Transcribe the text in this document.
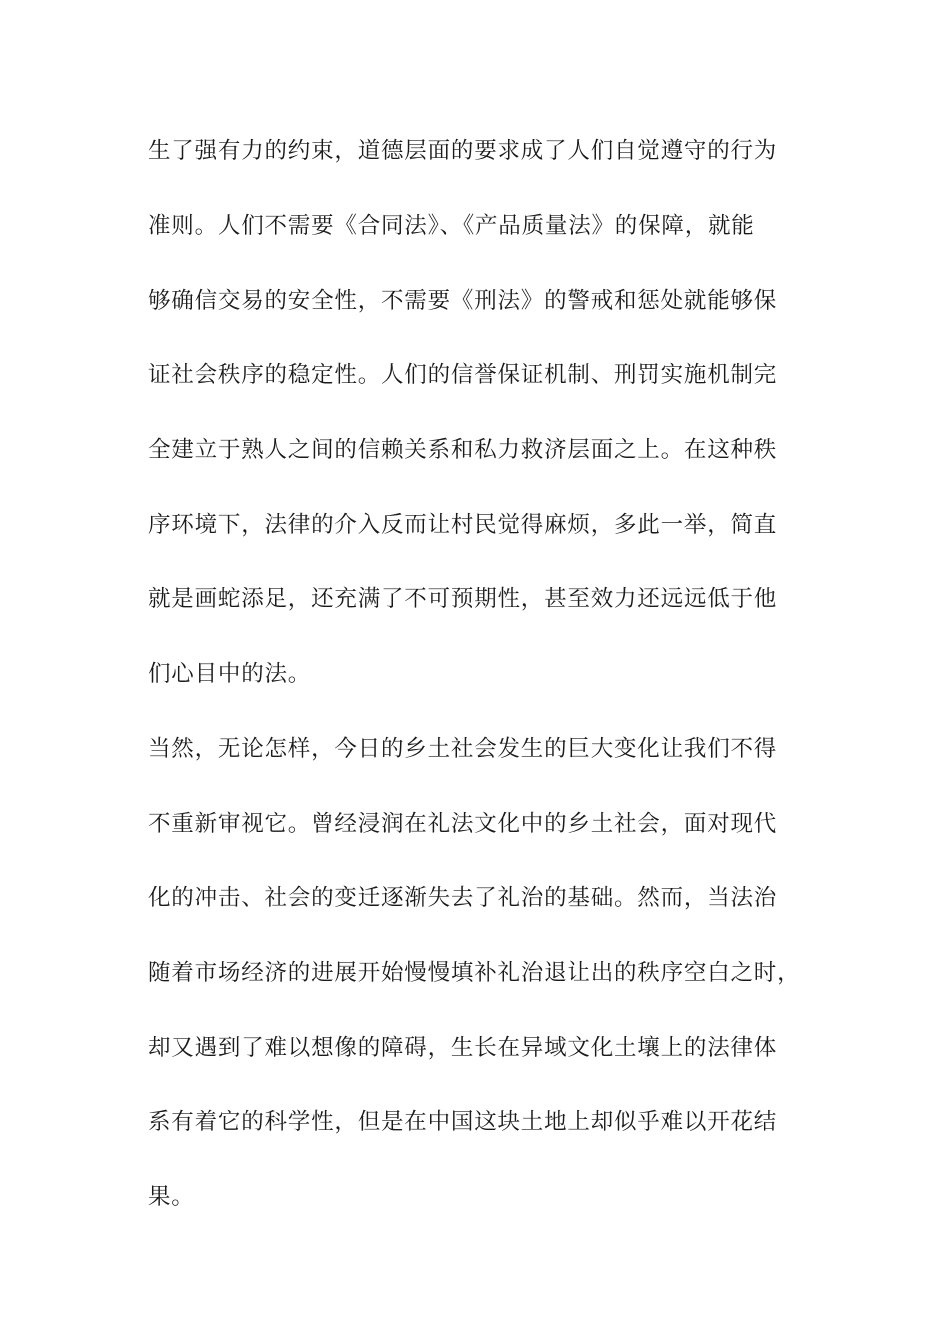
生了强有力的约束，道德层面的要求成了人们自觉遵守的行为
准则。人们不需要《合同法》、《产品质量法》的保障，就能
够确信交易的安全性，不需要《刑法》的警戒和惩处就能够保
证社会秩序的稳定性。人们的信誉保证机制、刑罚实施机制完
全建立于熟人之间的信赖关系和私力救济层面之上。在这种秩
序环境下，法律的介入反而让村民觉得麻烦，多此一举，简直
就是画蛇添足，还充满了不可预期性，甚至效力还远远低于他
们心目中的法。
当然，无论怎样，今日的乡土社会发生的巨大变化让我们不得
不重新审视它。曾经浸润在礼法文化中的乡土社会，面对现代
化的冲击、社会的变迁逐渐失去了礼治的基础。然而，当法治
随着市场经济的进展开始慢慢填补礼治退让出的秩序空白之时，
却又遇到了难以想像的障碍，生长在异域文化土壤上的法律体
系有着它的科学性，但是在中国这块土地上却似乎难以开花结
果。
